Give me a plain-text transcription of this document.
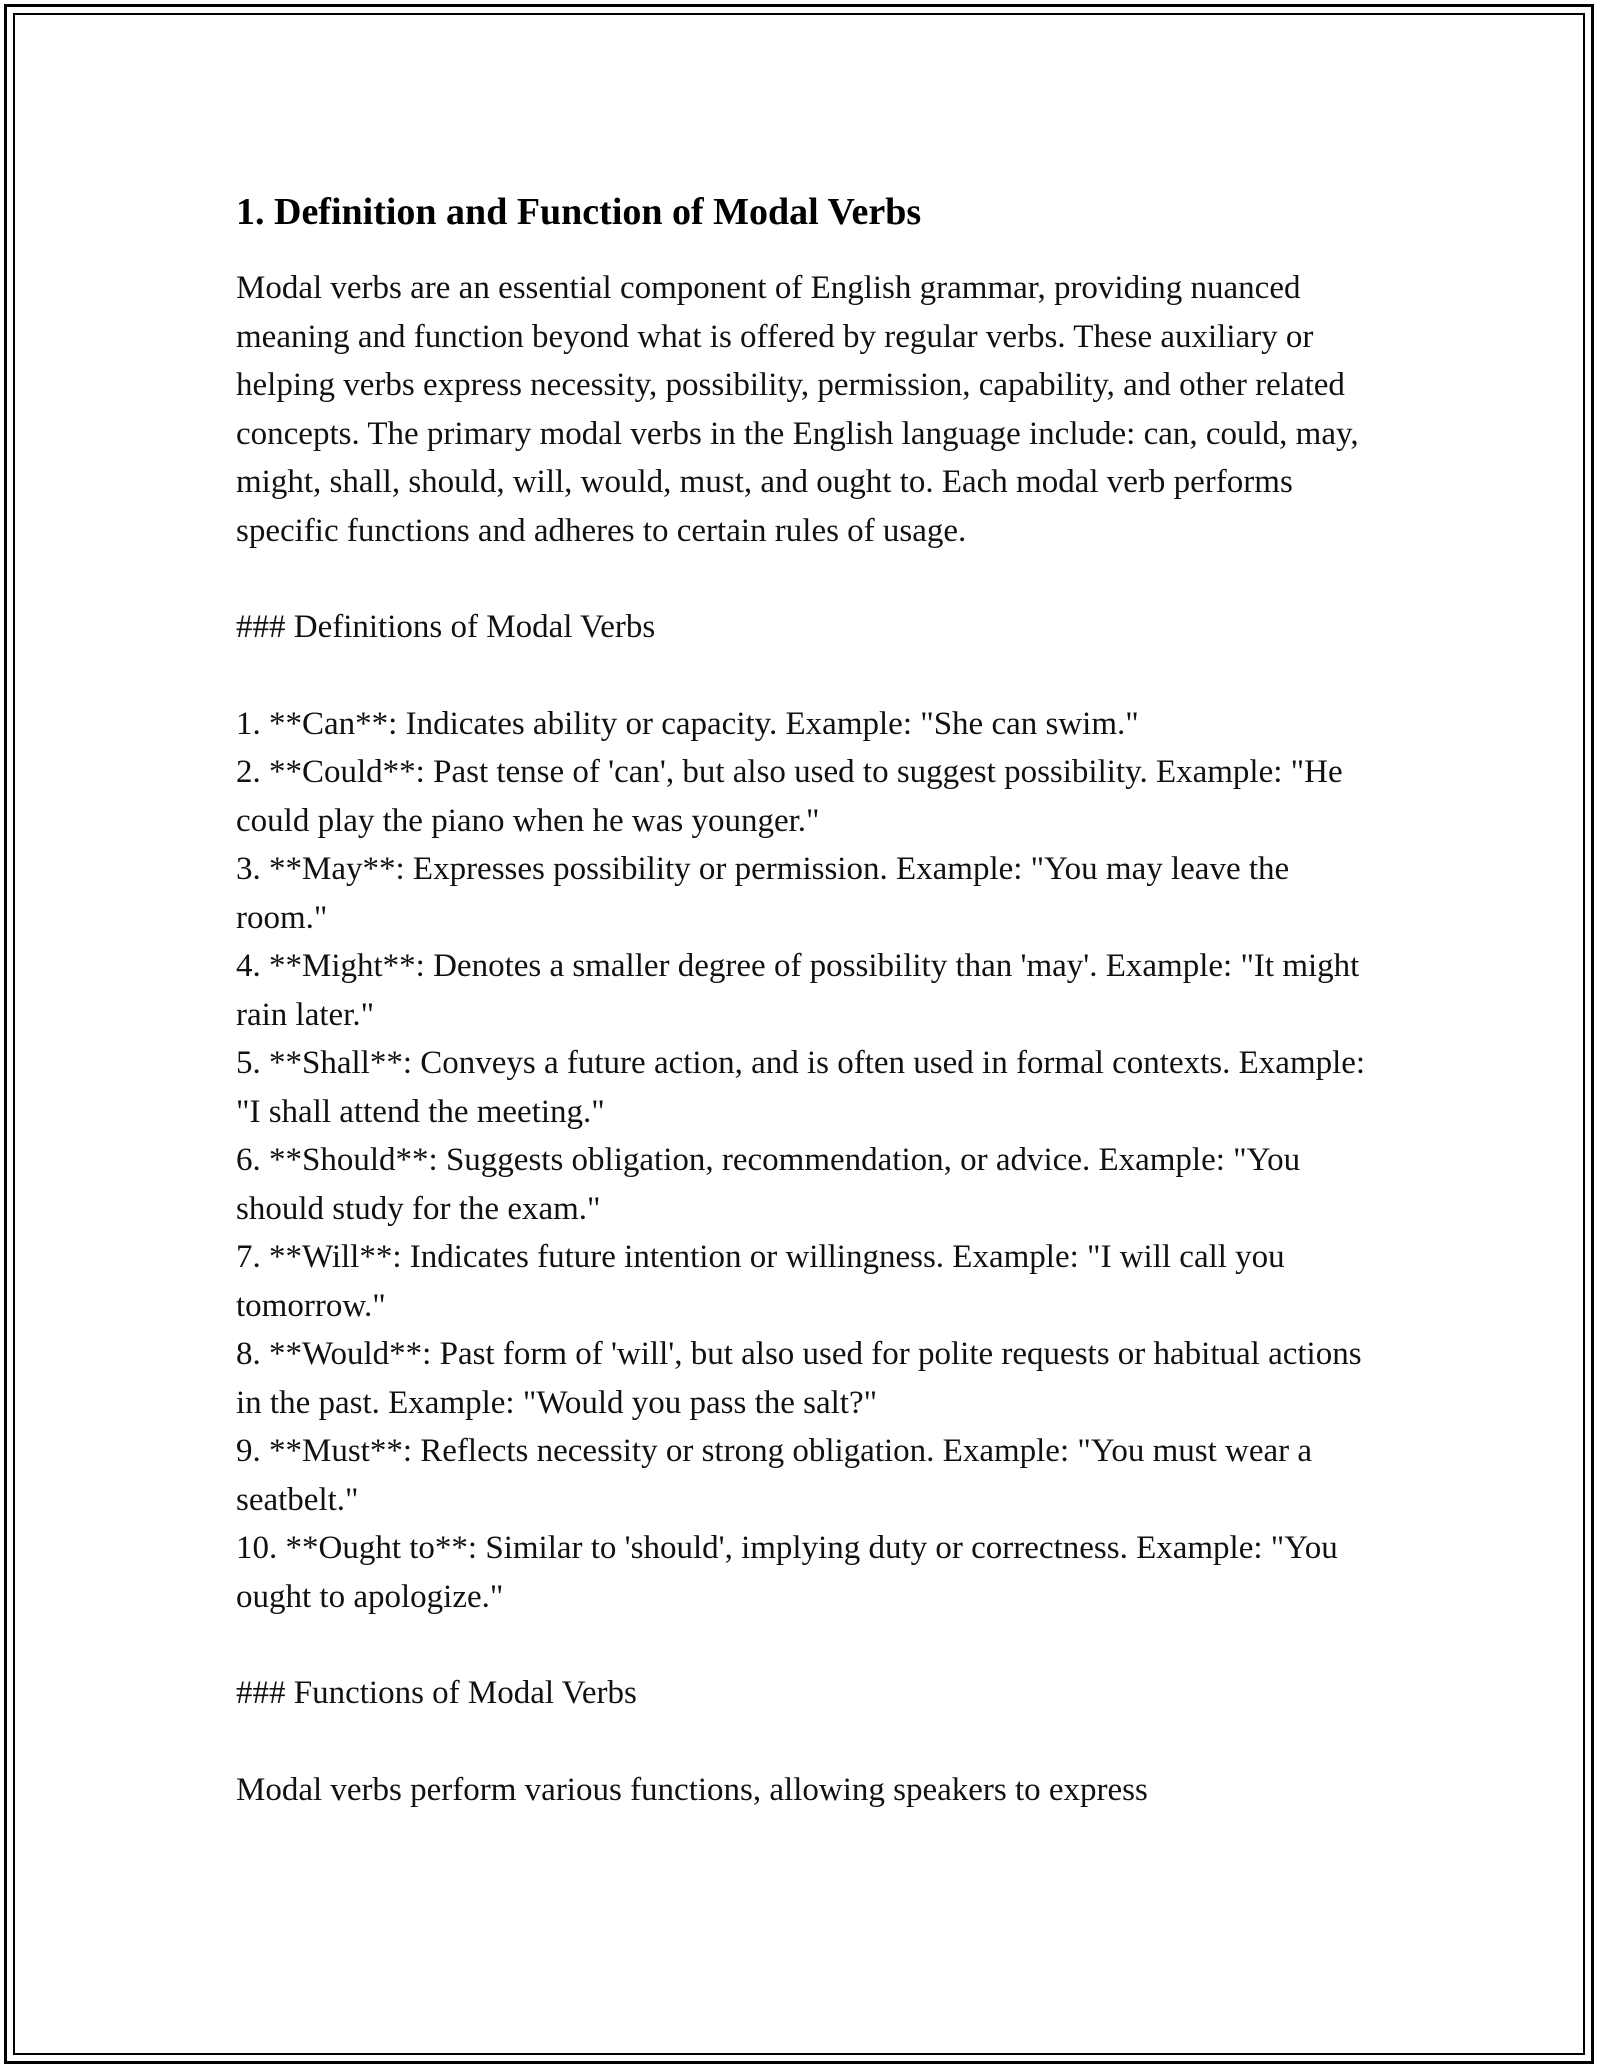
1. Definition and Function of Modal Verbs

Modal verbs are an essential component of English grammar, providing nuanced meaning and function beyond what is offered by regular verbs. These auxiliary or helping verbs express necessity, possibility, permission, capability, and other related concepts. The primary modal verbs in the English language include: can, could, may, might, shall, should, will, would, must, and ought to. Each modal verb performs specific functions and adheres to certain rules of usage.

### Definitions of Modal Verbs

1. **Can**: Indicates ability or capacity. Example: "She can swim."
2. **Could**: Past tense of 'can', but also used to suggest possibility. Example: "He could play the piano when he was younger."
3. **May**: Expresses possibility or permission. Example: "You may leave the room."
4. **Might**: Denotes a smaller degree of possibility than 'may'. Example: "It might rain later."
5. **Shall**: Conveys a future action, and is often used in formal contexts. Example: "I shall attend the meeting."
6. **Should**: Suggests obligation, recommendation, or advice. Example: "You should study for the exam."
7. **Will**: Indicates future intention or willingness. Example: "I will call you tomorrow."
8. **Would**: Past form of 'will', but also used for polite requests or habitual actions in the past. Example: "Would you pass the salt?"
9. **Must**: Reflects necessity or strong obligation. Example: "You must wear a seatbelt."
10. **Ought to**: Similar to 'should', implying duty or correctness. Example: "You ought to apologize."

### Functions of Modal Verbs

Modal verbs perform various functions, allowing speakers to express
